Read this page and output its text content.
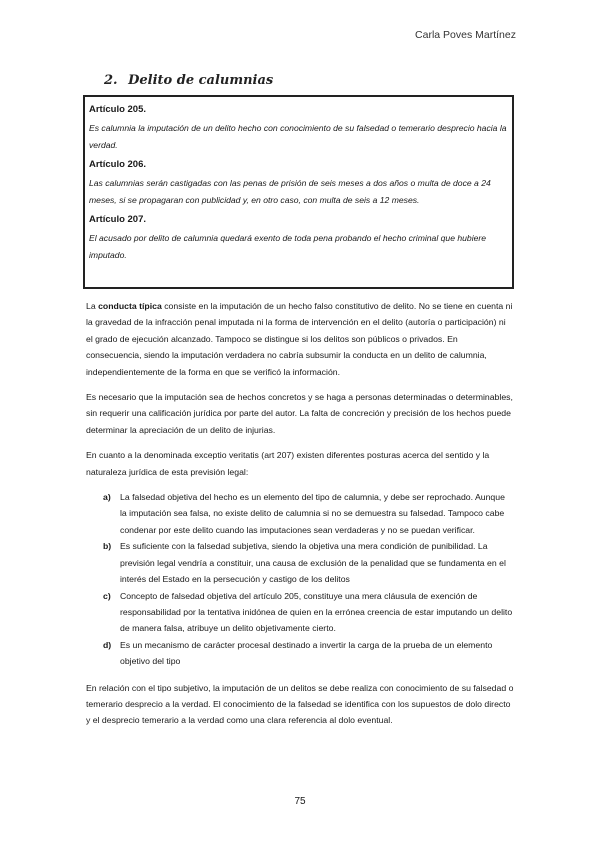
Carla Poves Martínez
2. Delito de calumnias
Artículo 205.
Es calumnia la imputación de un delito hecho con conocimiento de su falsedad o temerario desprecio hacia la verdad.
Artículo 206.
Las calumnias serán castigadas con las penas de prisión de seis meses a dos años o multa de doce a 24 meses, si se propagaran con publicidad y, en otro caso, con multa de seis a 12 meses.
Artículo 207.
El acusado por delito de calumnia quedará exento de toda pena probando el hecho criminal que hubiere imputado.

La conducta típica consiste en la imputación de un hecho falso constitutivo de delito. No se tiene en cuenta ni la gravedad de la infracción penal imputada ni la forma de intervención en el delito (autoría o participación) ni el grado de ejecución alcanzado. Tampoco se distingue si los delitos son públicos o privados. En consecuencia, siendo la imputación verdadera no cabría subsumir la conducta en un delito de calumnia, independientemente de la forma en que se verificó la información.

Es necesario que la imputación sea de hechos concretos y se haga a personas determinadas o determinables, sin requerir una calificación jurídica por parte del autor. La falta de concreción y precisión de los hechos puede determinar la apreciación de un delito de injurias.

En cuanto a la denominada exceptio veritatis (art 207) existen diferentes posturas acerca del sentido y la naturaleza jurídica de esta previsión legal:

a) La falsedad objetiva del hecho es un elemento del tipo de calumnia, y debe ser reprochado. Aunque la imputación sea falsa, no existe delito de calumnia si no se demuestra su falsedad. Tampoco cabe condenar por este delito cuando las imputaciones sean verdaderas y no se puedan verificar.
b) Es suficiente con la falsedad subjetiva, siendo la objetiva una mera condición de punibilidad. La previsión legal vendría a constituir, una causa de exclusión de la penalidad que se fundamenta en el interés del Estado en la persecución y castigo de los delitos
c) Concepto de falsedad objetiva del artículo 205, constituye una mera cláusula de exención de responsabilidad por la tentativa inidónea de quien en la errónea creencia de estar imputando un delito de manera falsa, atribuye un delito objetivamente cierto.
d) Es un mecanismo de carácter procesal destinado a invertir la carga de la prueba de un elemento objetivo del tipo

En relación con el tipo subjetivo, la imputación de un delitos se debe realiza con conocimiento de su falsedad o temerario desprecio a la verdad. El conocimiento de la falsedad se identifica con los supuestos de dolo directo y el desprecio temerario a la verdad como una clara referencia al dolo eventual.

75
